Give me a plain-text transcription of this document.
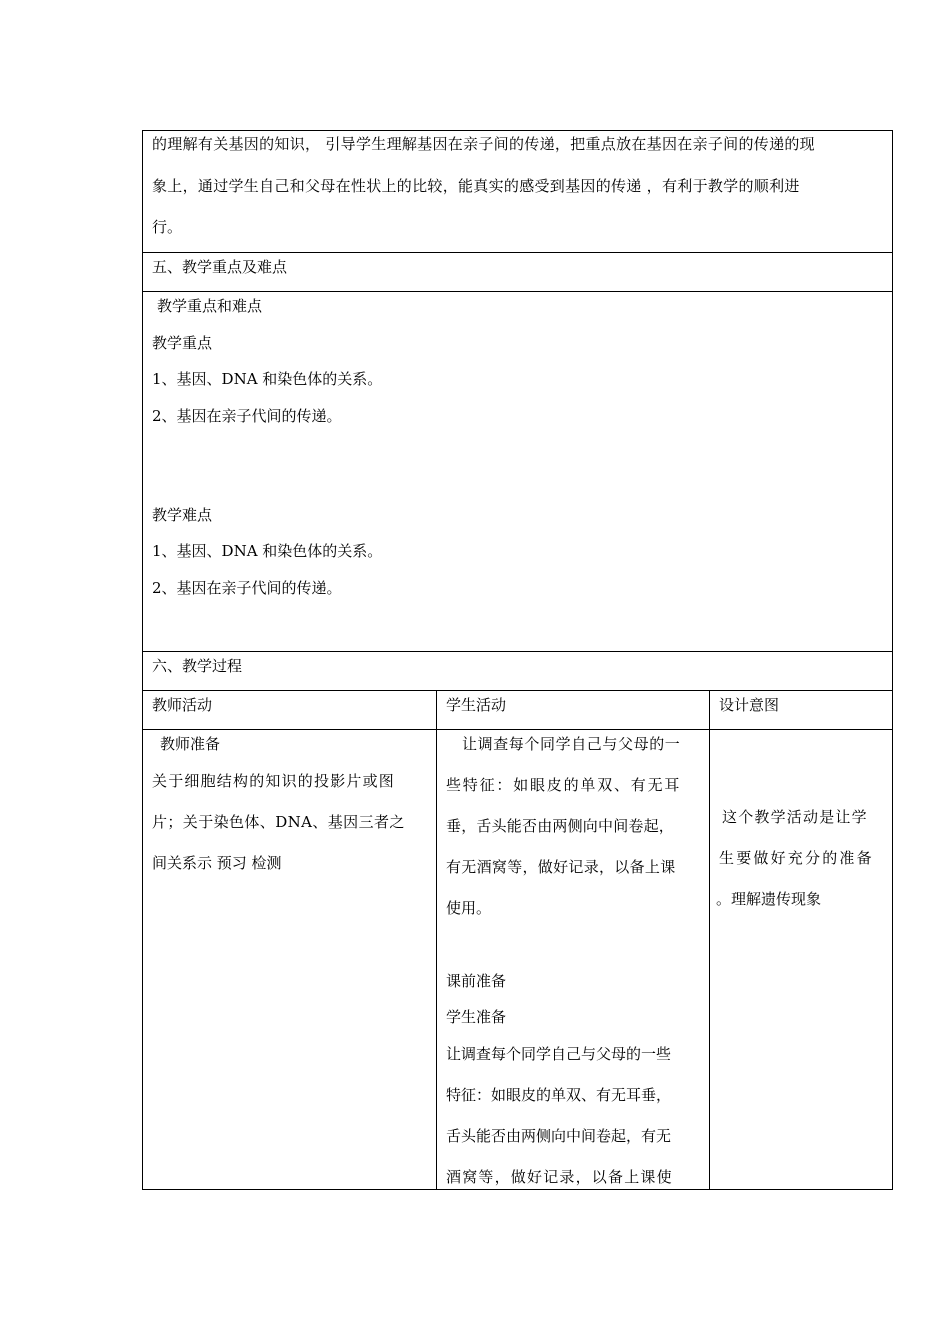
的理解有关基因的知识， 引导学生理解基因在亲子间的传递，把重点放在基因在亲子间的传递的现
象上，通过学生自己和父母在性状上的比较，能真实的感受到基因的传递 ，有利于教学的顺利进
行。
五、教学重点及难点
教学重点和难点
教学重点
1、基因、DNA 和染色体的关系。
2、基因在亲子代间的传递。
教学难点
1、基因、DNA 和染色体的关系。
2、基因在亲子代间的传递。
六、教学过程
教师活动	学生活动	设计意图
教师准备
关于细胞结构的知识的投影片或图
片；关于染色体、DNA、基因三者之
间关系示 预习 检测
让调查每个同学自己与父母的一
些特征：如眼皮的单双、有无耳
垂，舌头能否由两侧向中间卷起，
有无酒窝等，做好记录，以备上课
使用。
课前准备
学生准备
让调查每个同学自己与父母的一些
特征：如眼皮的单双、有无耳垂，
舌头能否由两侧向中间卷起，有无
酒窝等，做好记录，以备上课使
这个教学活动是让学
生要做好充分的准备
。理解遗传现象
